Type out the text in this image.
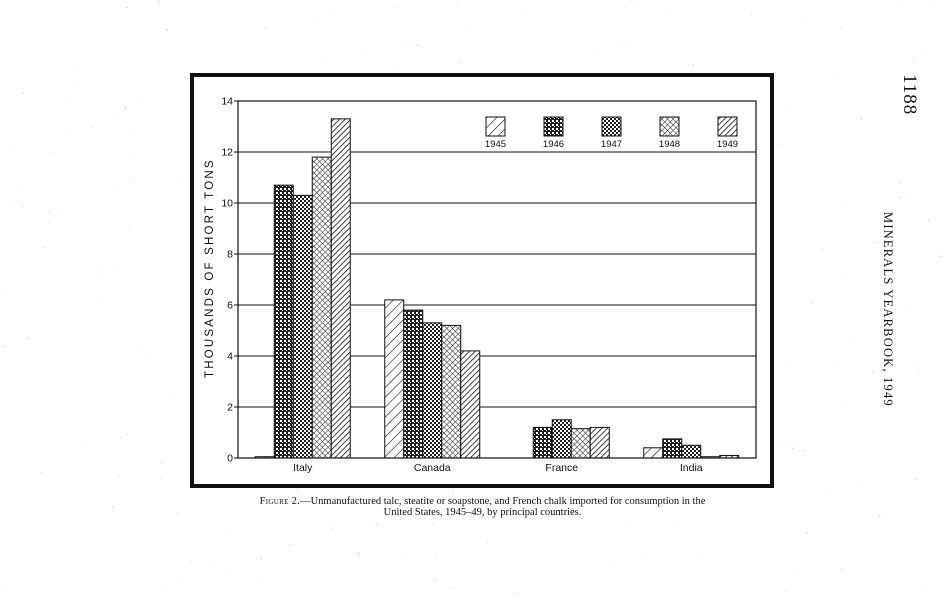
1188
MINERALS YEARBOOK, 1949
0
2
4
6
8
10
12
14
Italy	Canada	France	India
1945	1946	1947	1948	1949
THOUSANDS OF SHORT TONS
Figure 2.—Unmanufactured talc, steatite or soapstone, and French chalk imported for consumption in the United States, 1945–49, by principal countries.
